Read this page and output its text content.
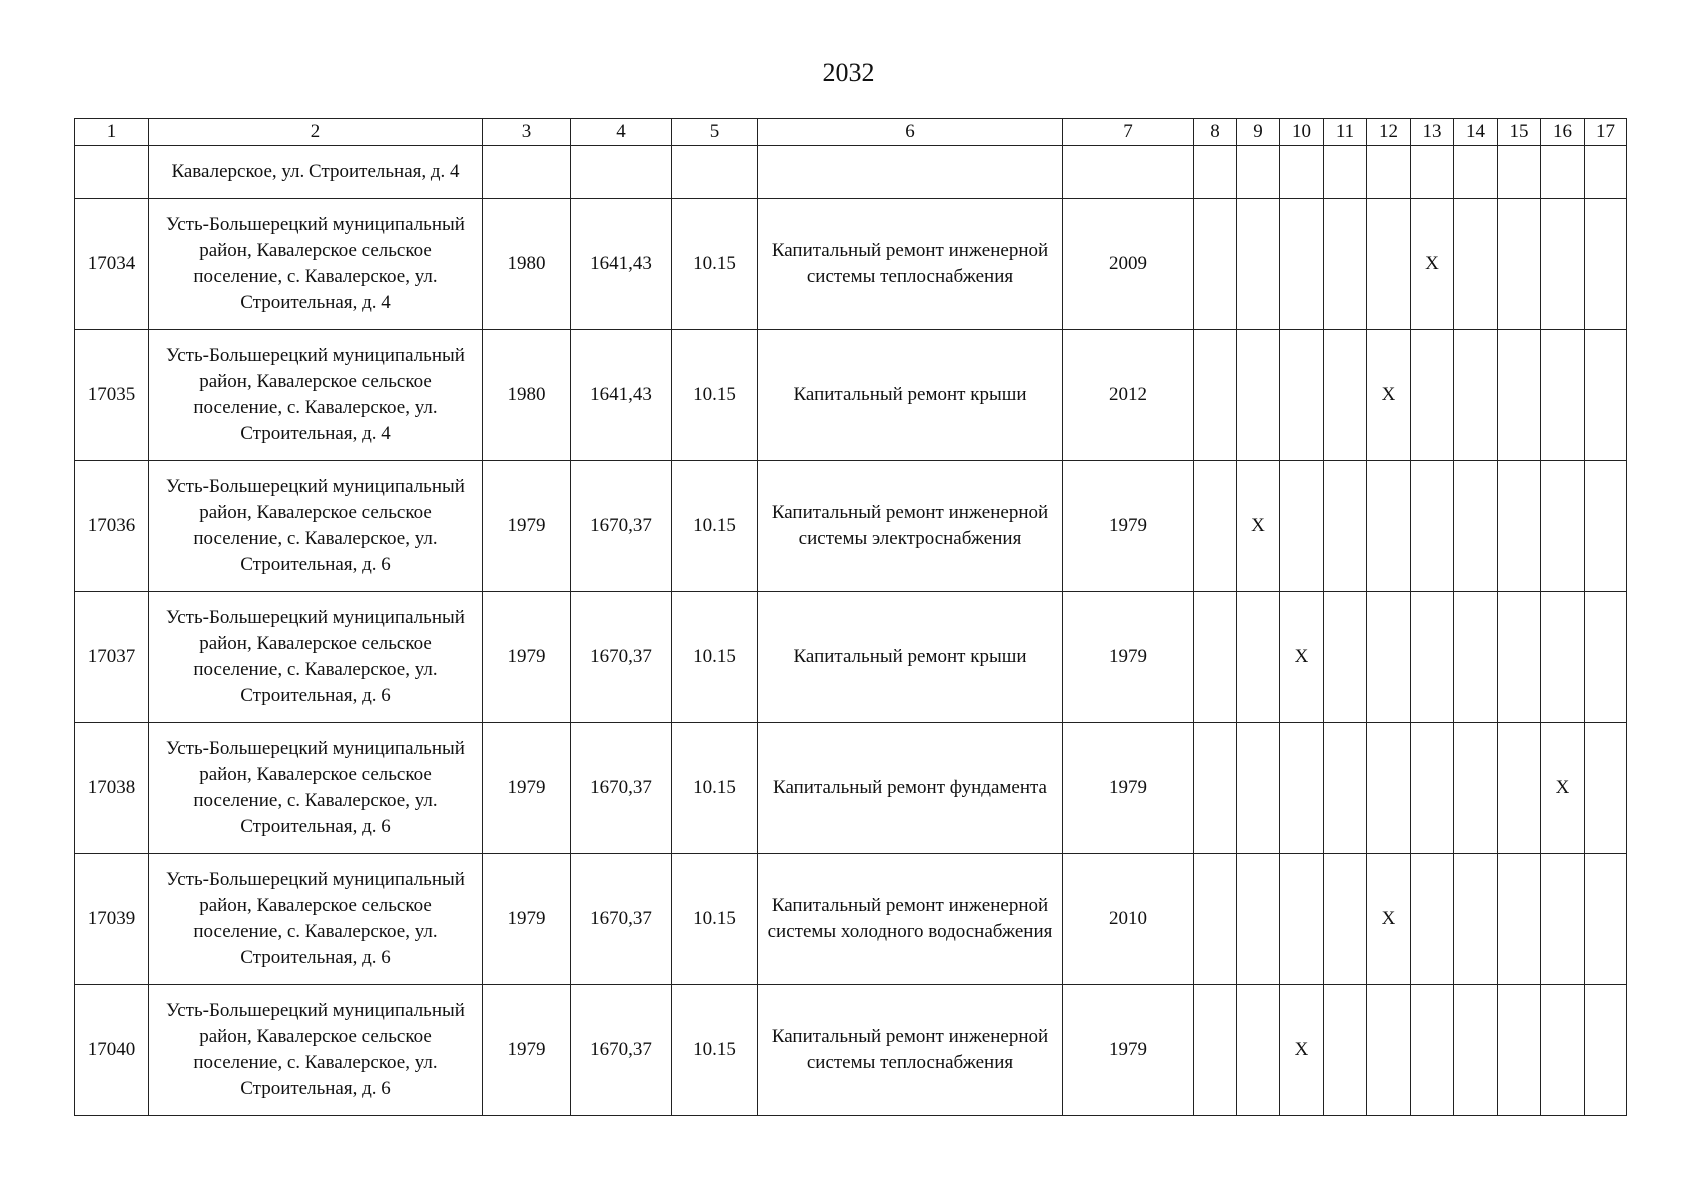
2032
1	2	3	4	5	6	7	8	9	10	11	12	13	14	15	16	17
	Кавалерское, ул. Строительная, д. 4															
17034	Усть-Большерецкий муниципальный район, Кавалерское сельское поселение, с. Кавалерское, ул. Строительная, д. 4	1980	1641,43	10.15	Капитальный ремонт инженерной системы теплоснабжения	2009						X				
17035	Усть-Большерецкий муниципальный район, Кавалерское сельское поселение, с. Кавалерское, ул. Строительная, д. 4	1980	1641,43	10.15	Капитальный ремонт крыши	2012					X					
17036	Усть-Большерецкий муниципальный район, Кавалерское сельское поселение, с. Кавалерское, ул. Строительная, д. 6	1979	1670,37	10.15	Капитальный ремонт инженерной системы электроснабжения	1979		X								
17037	Усть-Большерецкий муниципальный район, Кавалерское сельское поселение, с. Кавалерское, ул. Строительная, д. 6	1979	1670,37	10.15	Капитальный ремонт крыши	1979			X							
17038	Усть-Большерецкий муниципальный район, Кавалерское сельское поселение, с. Кавалерское, ул. Строительная, д. 6	1979	1670,37	10.15	Капитальный ремонт фундамента	1979									X	
17039	Усть-Большерецкий муниципальный район, Кавалерское сельское поселение, с. Кавалерское, ул. Строительная, д. 6	1979	1670,37	10.15	Капитальный ремонт инженерной системы холодного водоснабжения	2010					X					
17040	Усть-Большерецкий муниципальный район, Кавалерское сельское поселение, с. Кавалерское, ул. Строительная, д. 6	1979	1670,37	10.15	Капитальный ремонт инженерной системы теплоснабжения	1979			X							
